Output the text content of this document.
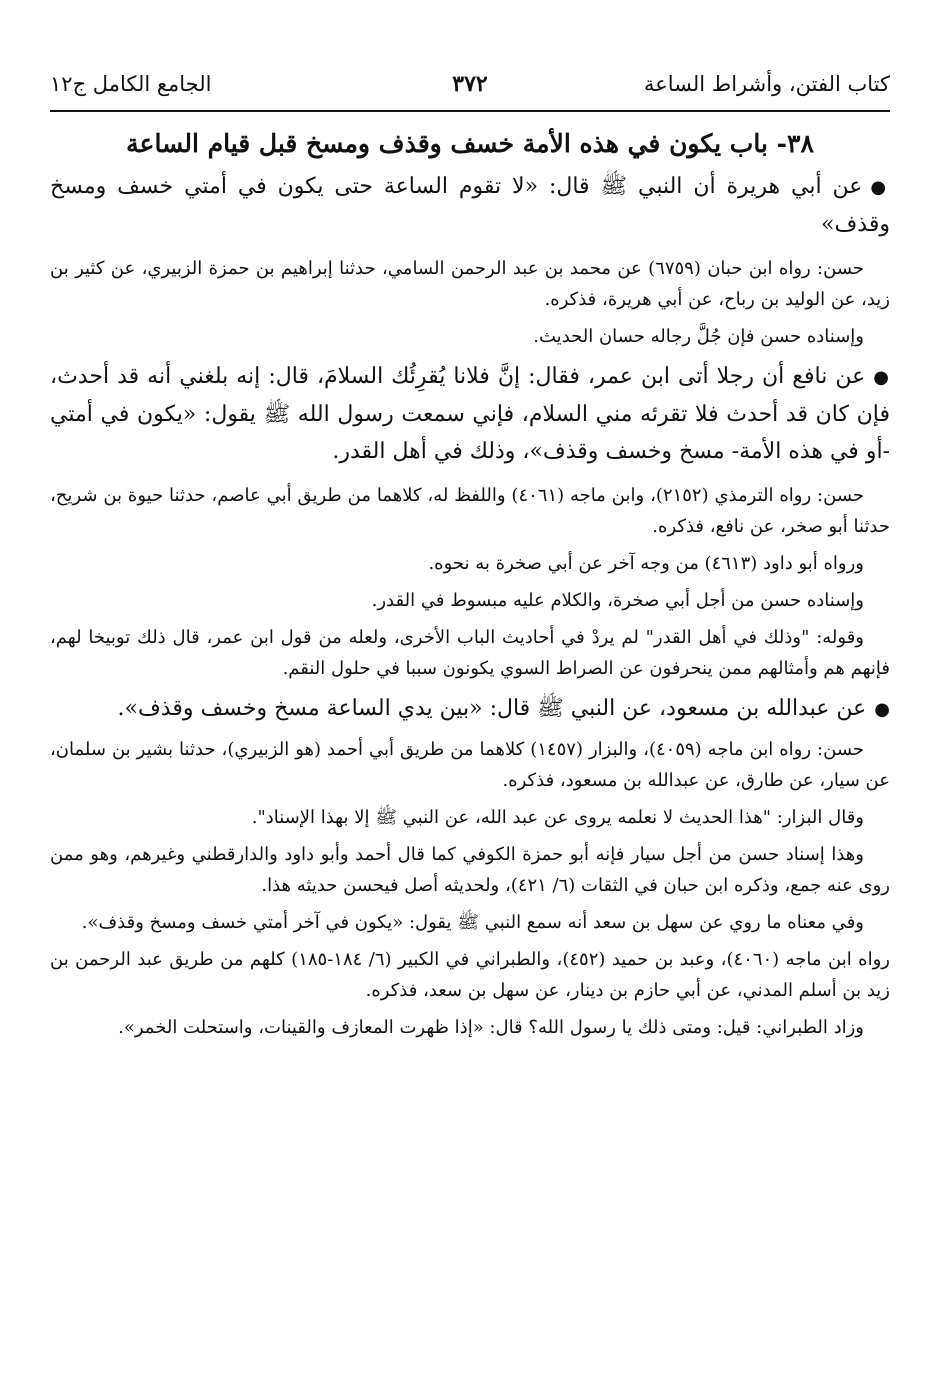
كتاب الفتن، وأشراط الساعة
٣٧٢
الجامع الكامل ج١٢
٣٨- باب يكون في هذه الأمة خسف وقذف ومسخ قبل قيام الساعة

●عن أبي هريرة أن النبي ﷺ قال: «لا تقوم الساعة حتى يكون في أمتي خسف ومسخ وقذف»

حسن: رواه ابن حبان (٦٧٥٩) عن محمد بن عبد الرحمن السامي، حدثنا إبراهيم بن حمزة الزبيري، عن كثير بن زيد، عن الوليد بن رباح، عن أبي هريرة، فذكره.

وإسناده حسن فإن جُلَّ رجاله حسان الحديث.

●عن نافع أن رجلا أتى ابن عمر، فقال: إنَّ فلانا يُقرِئُك السلامَ، قال: إنه بلغني أنه قد أحدث، فإن كان قد أحدث فلا تقرئه مني السلام، فإني سمعت رسول الله ﷺ يقول: «يكون في أمتي -أو في هذه الأمة- مسخ وخسف وقذف»، وذلك في أهل القدر.

حسن: رواه الترمذي (٢١٥٢)، وابن ماجه (٤٠٦١) واللفظ له، كلاهما من طريق أبي عاصم، حدثنا حيوة بن شريح، حدثنا أبو صخر، عن نافع، فذكره.

ورواه أبو داود (٤٦١٣) من وجه آخر عن أبي صخرة به نحوه.

وإسناده حسن من أجل أبي صخرة، والكلام عليه مبسوط في القدر.

وقوله: "وذلك في أهل القدر" لم يردْ في أحاديث الباب الأخرى، ولعله من قول ابن عمر، قال ذلك توبيخا لهم، فإنهم هم وأمثالهم ممن ينحرفون عن الصراط السوي يكونون سببا في حلول النقم.

●عن عبدالله بن مسعود، عن النبي ﷺ قال: «بين يدي الساعة مسخ وخسف وقذف».

حسن: رواه ابن ماجه (٤٠٥٩)، والبزار (١٤٥٧) كلاهما من طريق أبي أحمد (هو الزبيري)، حدثنا بشير بن سلمان، عن سيار، عن طارق، عن عبدالله بن مسعود، فذكره.

وقال البزار: "هذا الحديث لا نعلمه يروى عن عبد الله، عن النبي ﷺ إلا بهذا الإسناد".

وهذا إسناد حسن من أجل سيار فإنه أبو حمزة الكوفي كما قال أحمد وأبو داود والدارقطني وغيرهم، وهو ممن روى عنه جمع، وذكره ابن حبان في الثقات (٦/ ٤٢١)، ولحديثه أصل فيحسن حديثه هذا.

وفي معناه ما روي عن سهل بن سعد أنه سمع النبي ﷺ يقول: «يكون في آخر أمتي خسف ومسخ وقذف».

رواه ابن ماجه (٤٠٦٠)، وعبد بن حميد (٤٥٢)، والطبراني في الكبير (٦/ ١٨٤-١٨٥) كلهم من طريق عبد الرحمن بن زيد بن أسلم المدني، عن أبي حازم بن دينار، عن سهل بن سعد، فذكره.

وزاد الطبراني: قيل: ومتى ذلك يا رسول الله؟ قال: «إذا ظهرت المعازف والقينات، واستحلت الخمر».
